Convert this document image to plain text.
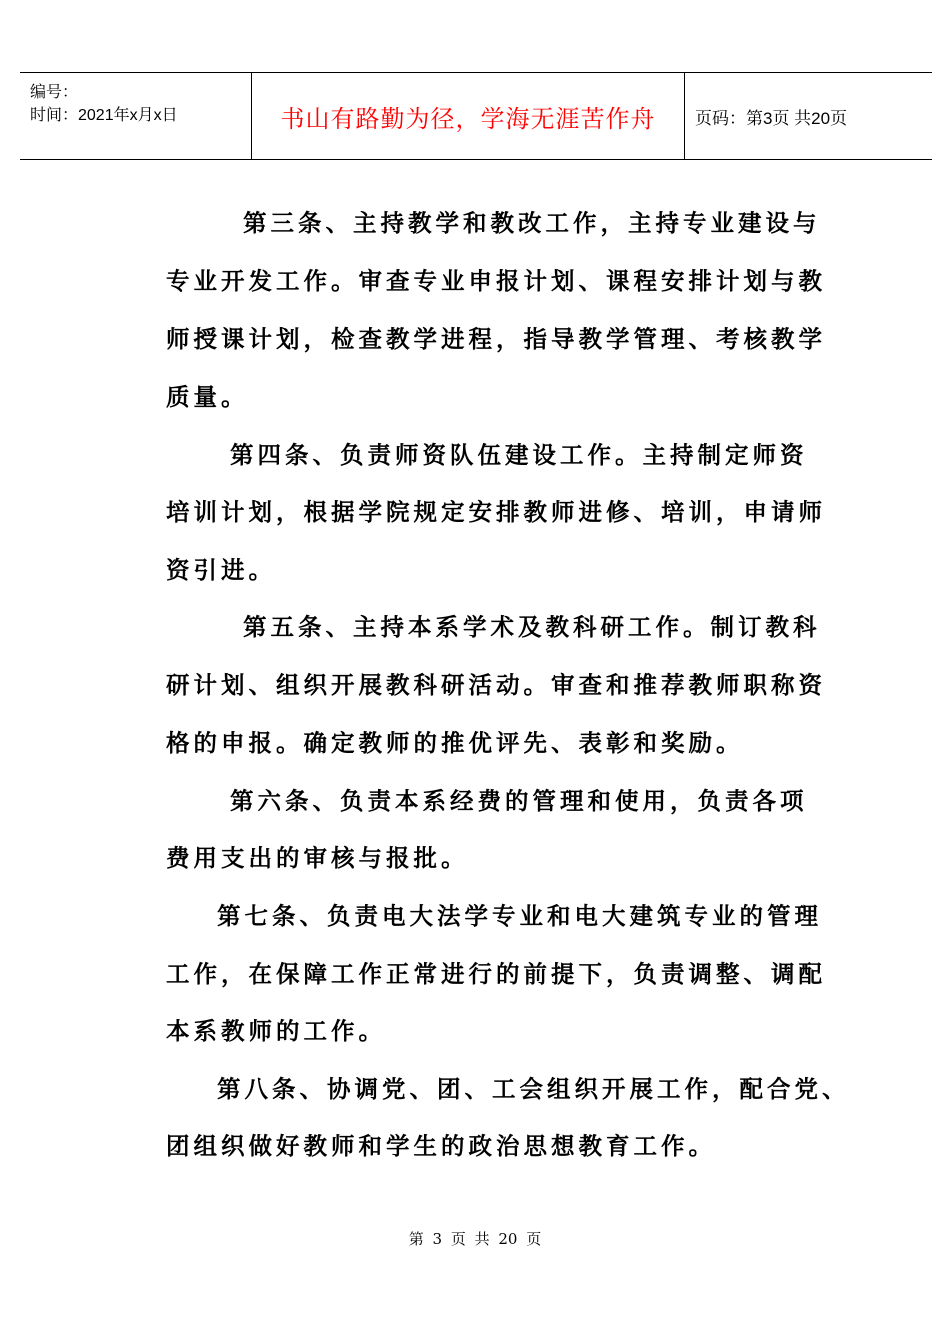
编号：
时间：2021年x月x日	书山有路勤为径，学海无涯苦作舟 页码：第3页 共20页
第三条、主持教学和教改工作，主持专业建设与
专业开发工作。审查专业申报计划、课程安排计划与教
师授课计划，检查教学进程，指导教学管理、考核教学
质量。
第四条、负责师资队伍建设工作。主持制定师资
培训计划，根据学院规定安排教师进修、培训，申请师
资引进。
第五条、主持本系学术及教科研工作。制订教科
研计划、组织开展教科研活动。审查和推荐教师职称资
格的申报。确定教师的推优评先、表彰和奖励。
第六条、负责本系经费的管理和使用，负责各项
费用支出的审核与报批。
第七条、负责电大法学专业和电大建筑专业的管理
工作，在保障工作正常进行的前提下，负责调整、调配
本系教师的工作。
第八条、协调党、团、工会组织开展工作，配合党、
团组织做好教师和学生的政治思想教育工作。
第 3 页 共 20 页
